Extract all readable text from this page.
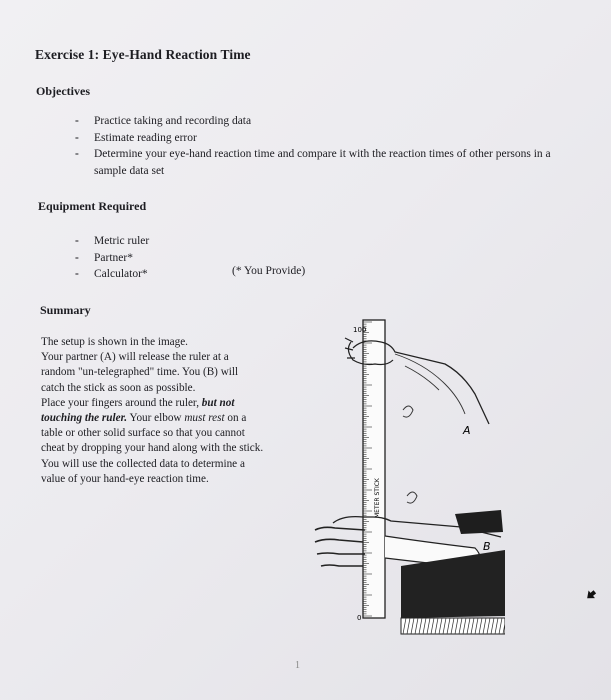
Exercise 1: Eye-Hand Reaction Time
Objectives
- Practice taking and recording data
- Estimate reading error
- Determine your eye-hand reaction time and compare it with the reaction times of other persons in a sample data set
Equipment Required
- Metric ruler
- Partner*
- Calculator*	(* You Provide)
Summary
The setup is shown in the image.
Your partner (A) will release the ruler at a
random "un-telegraphed" time. You (B) will
catch the stick as soon as possible.
Place your fingers around the ruler, but not
touching the ruler. Your elbow must rest on a
table or other solid surface so that you cannot
cheat by dropping your hand along with the stick.
You will use the collected data to determine a
value of your hand-eye reaction time.
100
0
METER STICK
A
B
1
